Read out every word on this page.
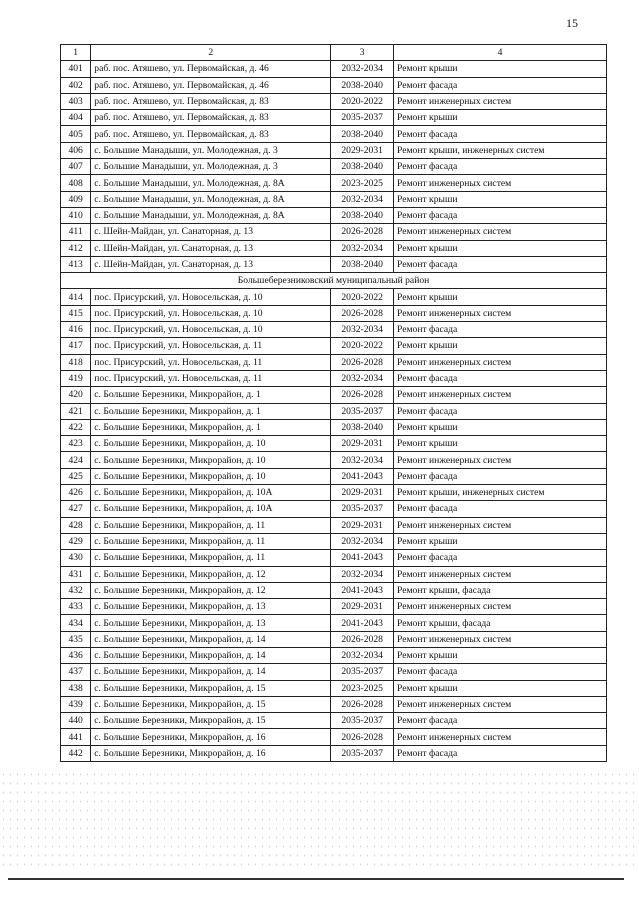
15
1	2	3	4
401	раб. пос. Атяшево, ул. Первомайская, д. 46	2032-2034	Ремонт крыши
402	раб. пос. Атяшево, ул. Первомайская, д. 46	2038-2040	Ремонт фасада
403	раб. пос. Атяшево, ул. Первомайская, д. 83	2020-2022	Ремонт инженерных систем
404	раб. пос. Атяшево, ул. Первомайская, д. 83	2035-2037	Ремонт крыши
405	раб. пос. Атяшево, ул. Первомайская, д. 83	2038-2040	Ремонт фасада
406	с. Большие Манадыши, ул. Молодежная, д. 3	2029-2031	Ремонт крыши, инженерных систем
407	с. Большие Манадыши, ул. Молодежная, д. 3	2038-2040	Ремонт фасада
408	с. Большие Манадыши, ул. Молодежная, д. 8А	2023-2025	Ремонт инженерных систем
409	с. Большие Манадыши, ул. Молодежная, д. 8А	2032-2034	Ремонт крыши
410	с. Большие Манадыши, ул. Молодежная, д. 8А	2038-2040	Ремонт фасада
411	с. Шейн-Майдан, ул. Санаторная, д. 13	2026-2028	Ремонт инженерных систем
412	с. Шейн-Майдан, ул. Санаторная, д. 13	2032-2034	Ремонт крыши
413	с. Шейн-Майдан, ул. Санаторная, д. 13	2038-2040	Ремонт фасада
Большеберезниковский муниципальный район			
414	пос. Присурский, ул. Новосельская, д. 10	2020-2022	Ремонт крыши
415	пос. Присурский, ул. Новосельская, д. 10	2026-2028	Ремонт инженерных систем
416	пос. Присурский, ул. Новосельская, д. 10	2032-2034	Ремонт фасада
417	пос. Присурский, ул. Новосельская, д. 11	2020-2022	Ремонт крыши
418	пос. Присурский, ул. Новосельская, д. 11	2026-2028	Ремонт инженерных систем
419	пос. Присурский, ул. Новосельская, д. 11	2032-2034	Ремонт фасада
420	с. Большие Березники, Микрорайон, д. 1	2026-2028	Ремонт инженерных систем
421	с. Большие Березники, Микрорайон, д. 1	2035-2037	Ремонт фасада
422	с. Большие Березники, Микрорайон, д. 1	2038-2040	Ремонт крыши
423	с. Большие Березники, Микрорайон, д. 10	2029-2031	Ремонт крыши
424	с. Большие Березники, Микрорайон, д. 10	2032-2034	Ремонт инженерных систем
425	с. Большие Березники, Микрорайон, д. 10	2041-2043	Ремонт фасада
426	с. Большие Березники, Микрорайон, д. 10А	2029-2031	Ремонт крыши, инженерных систем
427	с. Большие Березники, Микрорайон, д. 10А	2035-2037	Ремонт фасада
428	с. Большие Березники, Микрорайон, д. 11	2029-2031	Ремонт инженерных систем
429	с. Большие Березники, Микрорайон, д. 11	2032-2034	Ремонт крыши
430	с. Большие Березники, Микрорайон, д. 11	2041-2043	Ремонт фасада
431	с. Большие Березники, Микрорайон, д. 12	2032-2034	Ремонт инженерных систем
432	с. Большие Березники, Микрорайон, д. 12	2041-2043	Ремонт крыши, фасада
433	с. Большие Березники, Микрорайон, д. 13	2029-2031	Ремонт инженерных систем
434	с. Большие Березники, Микрорайон, д. 13	2041-2043	Ремонт крыши, фасада
435	с. Большие Березники, Микрорайон, д. 14	2026-2028	Ремонт инженерных систем
436	с. Большие Березники, Микрорайон, д. 14	2032-2034	Ремонт крыши
437	с. Большие Березники, Микрорайон, д. 14	2035-2037	Ремонт фасада
438	с. Большие Березники, Микрорайон, д. 15	2023-2025	Ремонт крыши
439	с. Большие Березники, Микрорайон, д. 15	2026-2028	Ремонт инженерных систем
440	с. Большие Березники, Микрорайон, д. 15	2035-2037	Ремонт фасада
441	с. Большие Березники, Микрорайон, д. 16	2026-2028	Ремонт инженерных систем
442	с. Большие Березники, Микрорайон, д. 16	2035-2037	Ремонт фасада
